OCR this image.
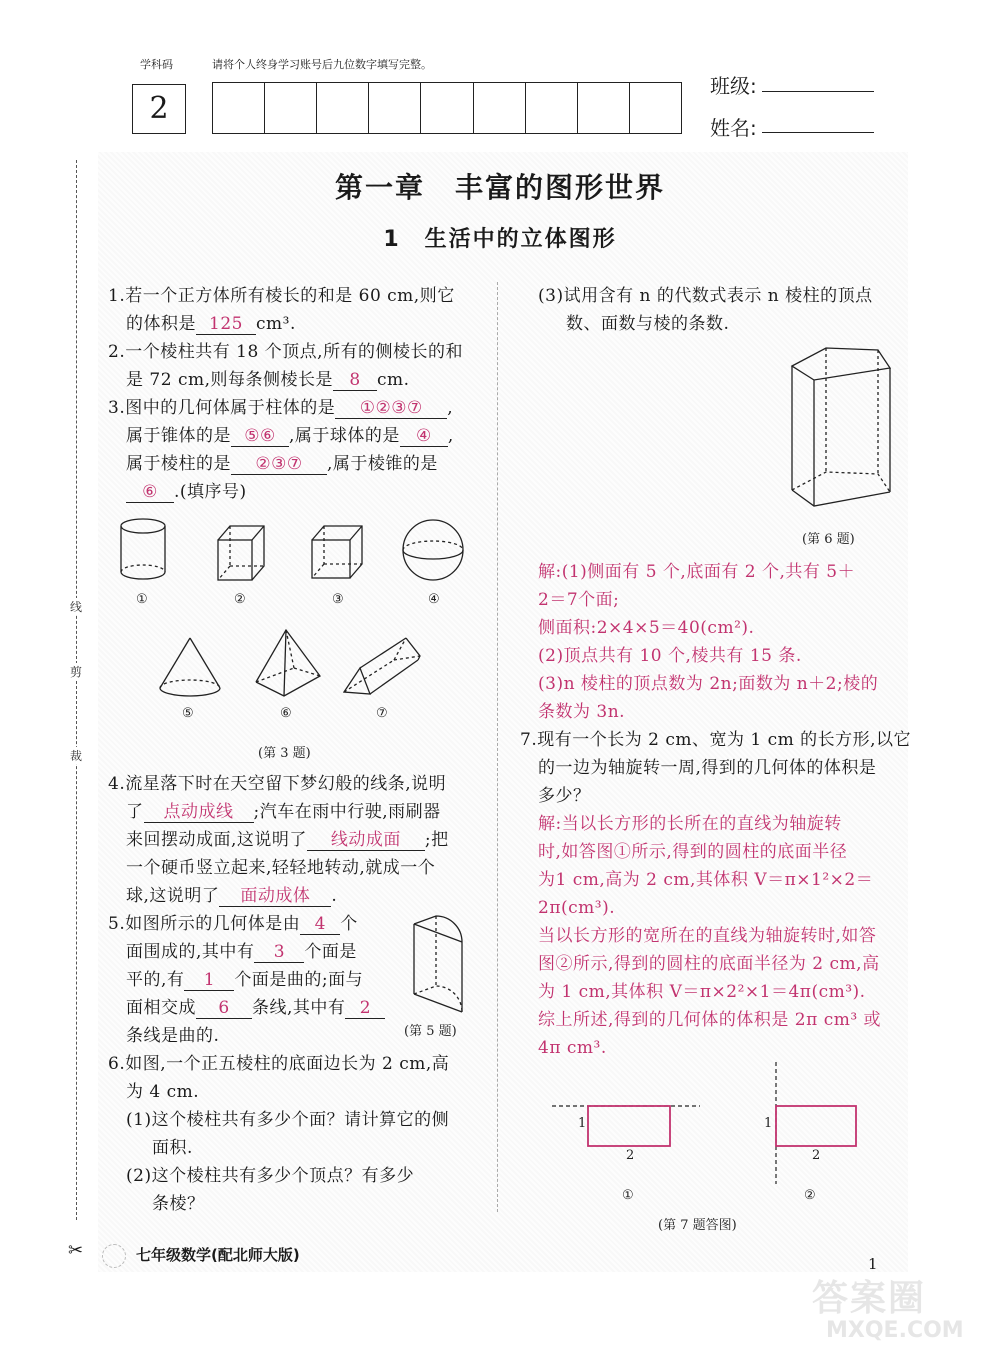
学科码
2
请将个人终身学习账号后九位数字填写完整。
班级:
姓名:
线
剪
裁
✂
第一章　丰富的图形世界
1　生活中的立体图形
1.若一个正方体所有棱长的和是 60 cm,则它
的体积是 125 cm³.
2.一个棱柱共有 18 个顶点,所有的侧棱长的和
是 72 cm,则每条侧棱长是 8 cm.
3.图中的几何体属于柱体的是 ①②③⑦ ,
属于锥体的是 ⑤⑥ ,属于球体的是 ④ ,
属于棱柱的是 ②③⑦ ,属于棱锥的是
⑥ .(填序号)
①	②	③	④
⑤	⑥	⑦
(第 3 题)
4.流星落下时在天空留下梦幻般的线条,说明
了 点动成线 ;汽车在雨中行驶,雨刷器
来回摆动成面,这说明了 线动成面 ;把
一个硬币竖立起来,轻轻地转动,就成一个
球,这说明了 面动成体 .
5.如图所示的几何体是由 4 个
面围成的,其中有 3 个面是
平的,有 1 个面是曲的;面与
面相交成 6 条线,其中有 2
条线是曲的.	(第 5 题)
6.如图,一个正五棱柱的底面边长为 2 cm,高
为 4 cm.
(1)这个棱柱共有多少个面？请计算它的侧
面积.
(2)这个棱柱共有多少个顶点？有多少
条棱？
(3)试用含有 n 的代数式表示 n 棱柱的顶点
数、面数与棱的条数.
(第 6 题)
解:(1)侧面有 5 个,底面有 2 个,共有 5＋
2＝7个面;
侧面积:2×4×5＝40(cm²).
(2)顶点共有 10 个,棱共有 15 条.
(3)n 棱柱的顶点数为 2n;面数为 n＋2;棱的
条数为 3n.
7.现有一个长为 2 cm、宽为 1 cm 的长方形,以它
的一边为轴旋转一周,得到的几何体的体积是
多少？
解:当以长方形的长所在的直线为轴旋转
时,如答图①所示,得到的圆柱的底面半径
为1 cm,高为 2 cm,其体积 V＝π×1²×2＝
2π(cm³).
当以长方形的宽所在的直线为轴旋转时,如答
图②所示,得到的圆柱的底面半径为 2 cm,高
为 1 cm,其体积 V＝π×2²×1＝4π(cm³).
综上所述,得到的几何体的体积是 2π cm³ 或
4π cm³.
1
2
1
2
①	②
(第 7 题答图)
七年级数学(配北师大版)	1
答案圈
MXQE.COM
